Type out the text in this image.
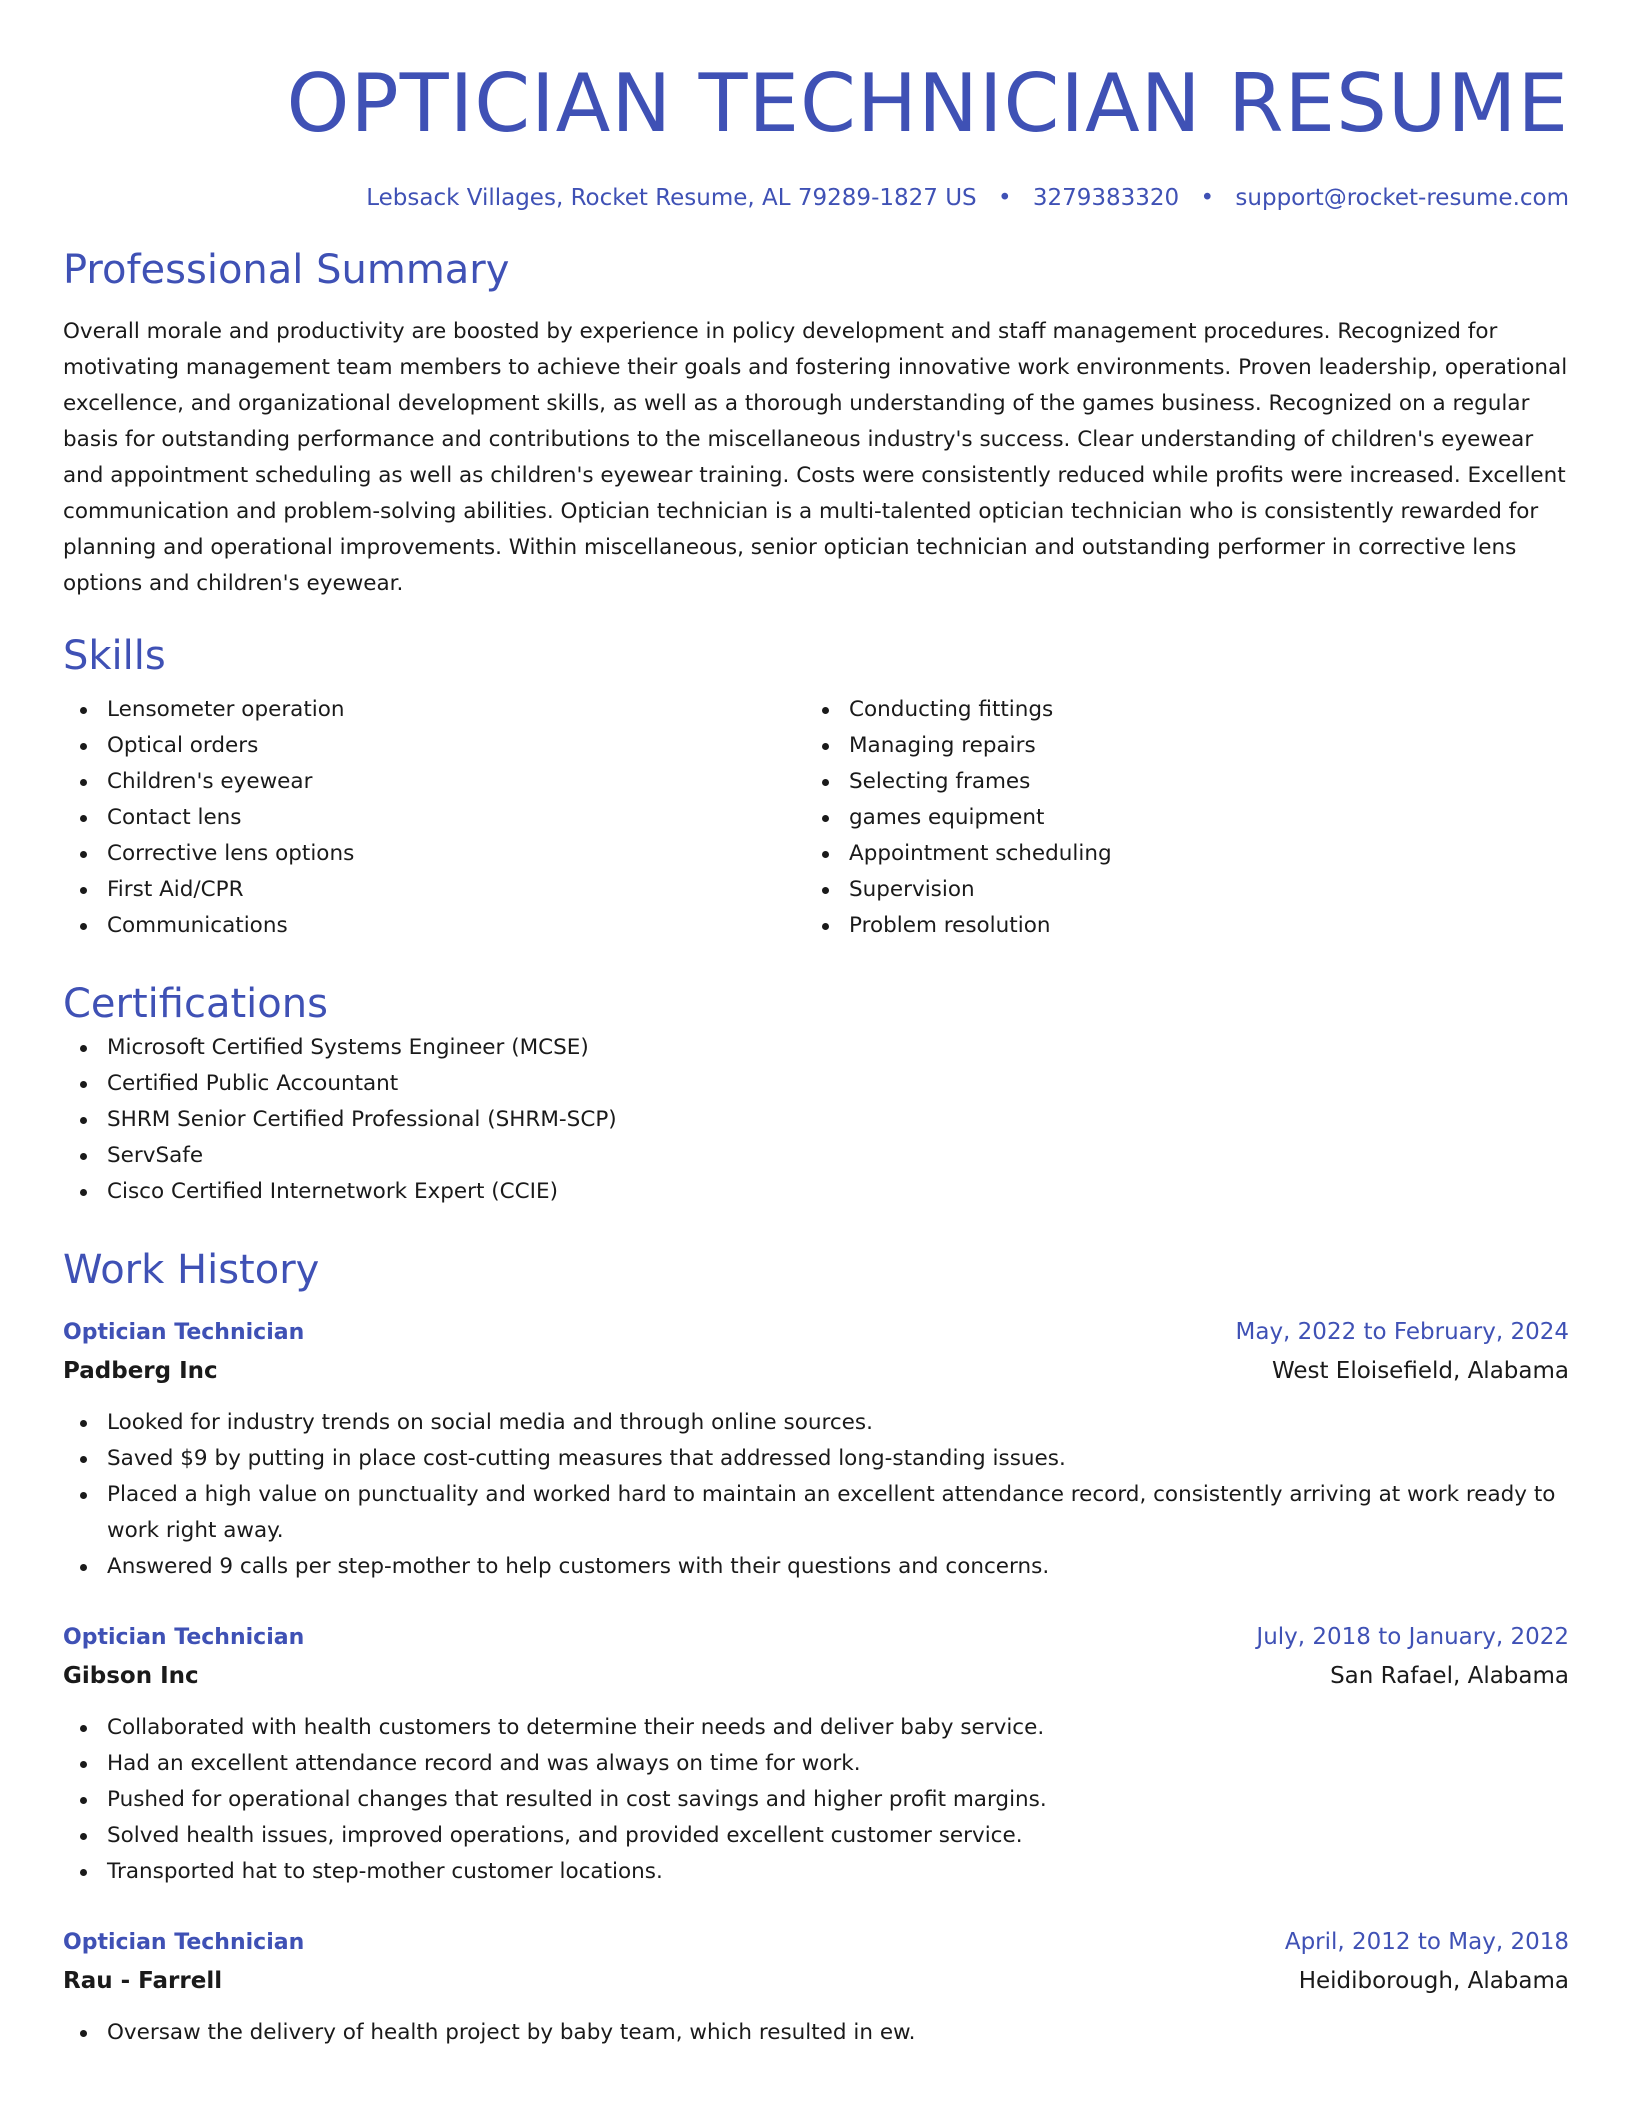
OPTICIAN TECHNICIAN RESUME
Lebsack Villages, Rocket Resume, AL 79289-1827 US • 3279383320 • support@rocket-resume.com
Professional Summary

Overall morale and productivity are boosted by experience in policy development and staff management procedures. Recognized for motivating management team members to achieve their goals and fostering innovative work environments. Proven leadership, operational excellence, and organizational development skills, as well as a thorough understanding of the games business. Recognized on a regular basis for outstanding performance and contributions to the miscellaneous industry's success. Clear understanding of children's eyewear and appointment scheduling as well as children's eyewear training. Costs were consistently reduced while profits were increased. Excellent communication and problem-solving abilities. Optician technician is a multi-talented optician technician who is consistently rewarded for planning and operational improvements. Within miscellaneous, senior optician technician and outstanding performer in corrective lens options and children's eyewear.

Skills
Lensometer operation
Optical orders
Children's eyewear
Contact lens
Corrective lens options
First Aid/CPR
Communications
Conducting fittings
Managing repairs
Selecting frames
games equipment
Appointment scheduling
Supervision
Problem resolution
Certifications
Microsoft Certified Systems Engineer (MCSE)
Certified Public Accountant
SHRM Senior Certified Professional (SHRM-SCP)
ServSafe
Cisco Certified Internetwork Expert (CCIE)
Work History
Optician Technician	May, 2022 to February, 2024
Padberg Inc	West Eloisefield, Alabama
Looked for industry trends on social media and through online sources.
Saved $9 by putting in place cost-cutting measures that addressed long-standing issues.
Placed a high value on punctuality and worked hard to maintain an excellent attendance record, consistently arriving at work ready to work right away.
Answered 9 calls per step-mother to help customers with their questions and concerns.
Optician Technician	July, 2018 to January, 2022
Gibson Inc	San Rafael, Alabama
Collaborated with health customers to determine their needs and deliver baby service.
Had an excellent attendance record and was always on time for work.
Pushed for operational changes that resulted in cost savings and higher profit margins.
Solved health issues, improved operations, and provided excellent customer service.
Transported hat to step-mother customer locations.
Optician Technician	April, 2012 to May, 2018
Rau - Farrell	Heidiborough, Alabama
Oversaw the delivery of health project by baby team, which resulted in ew.
